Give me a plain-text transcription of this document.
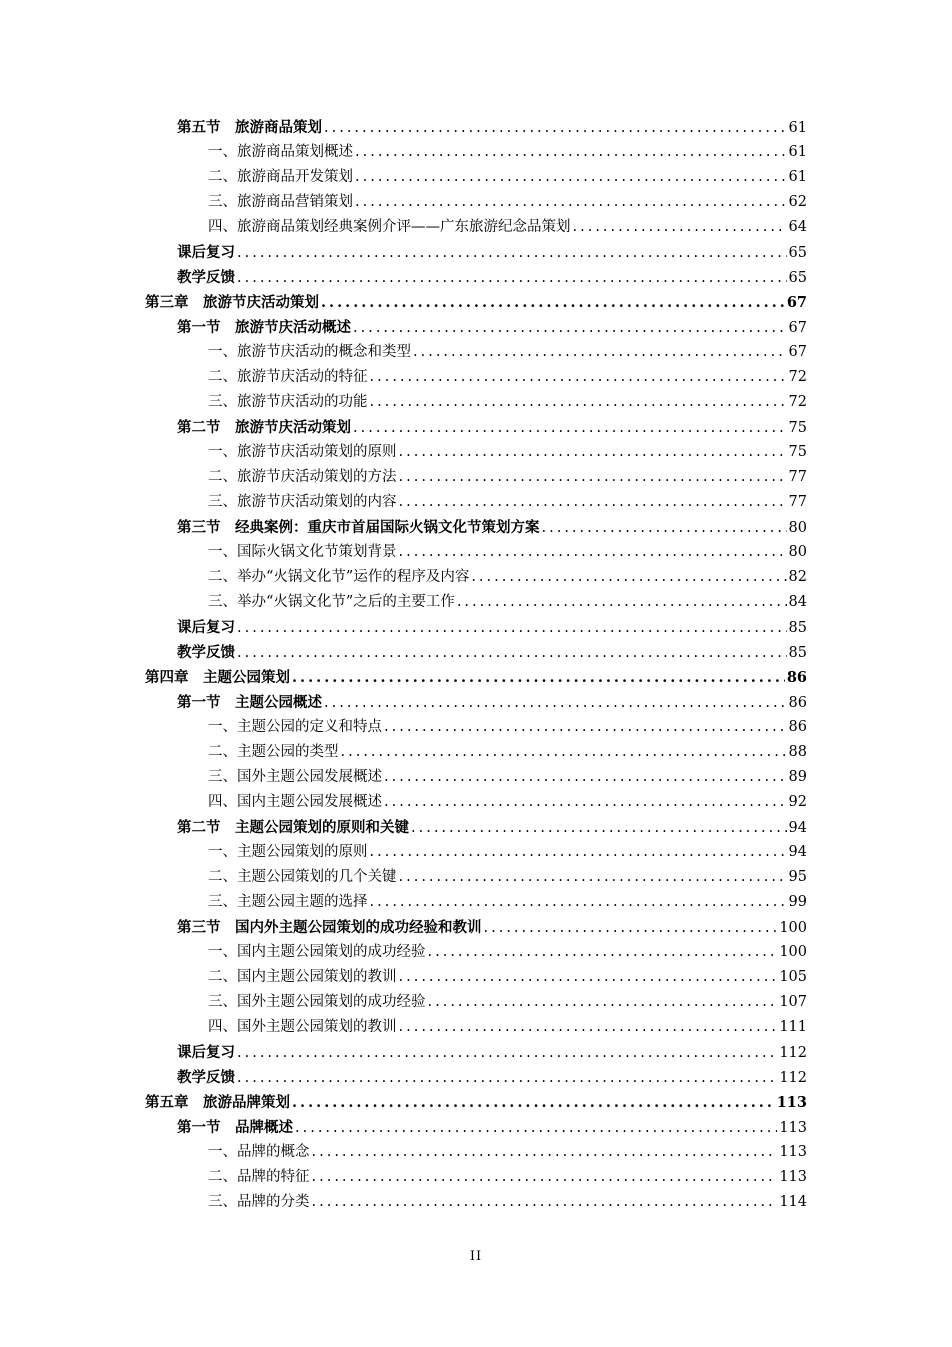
第五节　旅游商品策划 .....	61
一、旅游商品策划概述 .....	61
二、旅游商品开发策划 .....	61
三、旅游商品营销策划 .....	62
四、旅游商品策划经典案例介评——广东旅游纪念品策划 .....	64
课后复习 .....	65
教学反馈 .....	65
第三章　旅游节庆活动策划 .....	67
第一节　旅游节庆活动概述 .....	67
一、旅游节庆活动的概念和类型 .....	67
二、旅游节庆活动的特征 .....	72
三、旅游节庆活动的功能 .....	72
第二节　旅游节庆活动策划 .....	75
一、旅游节庆活动策划的原则 .....	75
二、旅游节庆活动策划的方法 .....	77
三、旅游节庆活动策划的内容 .....	77
第三节　经典案例：重庆市首届国际火锅文化节策划方案 .....	80
一、国际火锅文化节策划背景 .....	80
二、举办“火锅文化节”运作的程序及内容 .....	82
三、举办“火锅文化节”之后的主要工作 .....	84
课后复习 .....	85
教学反馈 .....	85
第四章　主题公园策划 .....	86
第一节　主题公园概述 .....	86
一、主题公园的定义和特点 .....	86
二、主题公园的类型 .....	88
三、国外主题公园发展概述 .....	89
四、国内主题公园发展概述 .....	92
第二节　主题公园策划的原则和关键 .....	94
一、主题公园策划的原则 .....	94
二、主题公园策划的几个关键 .....	95
三、主题公园主题的选择 .....	99
第三节　国内外主题公园策划的成功经验和教训 .....	100
一、国内主题公园策划的成功经验 .....	100
二、国内主题公园策划的教训 .....	105
三、国外主题公园策划的成功经验 .....	107
四、国外主题公园策划的教训 .....	111
课后复习 .....	112
教学反馈 .....	112
第五章　旅游品牌策划 .....	113
第一节　品牌概述 .....	113
一、品牌的概念 .....	113
二、品牌的特征 .....	113
三、品牌的分类 .....	114
II
